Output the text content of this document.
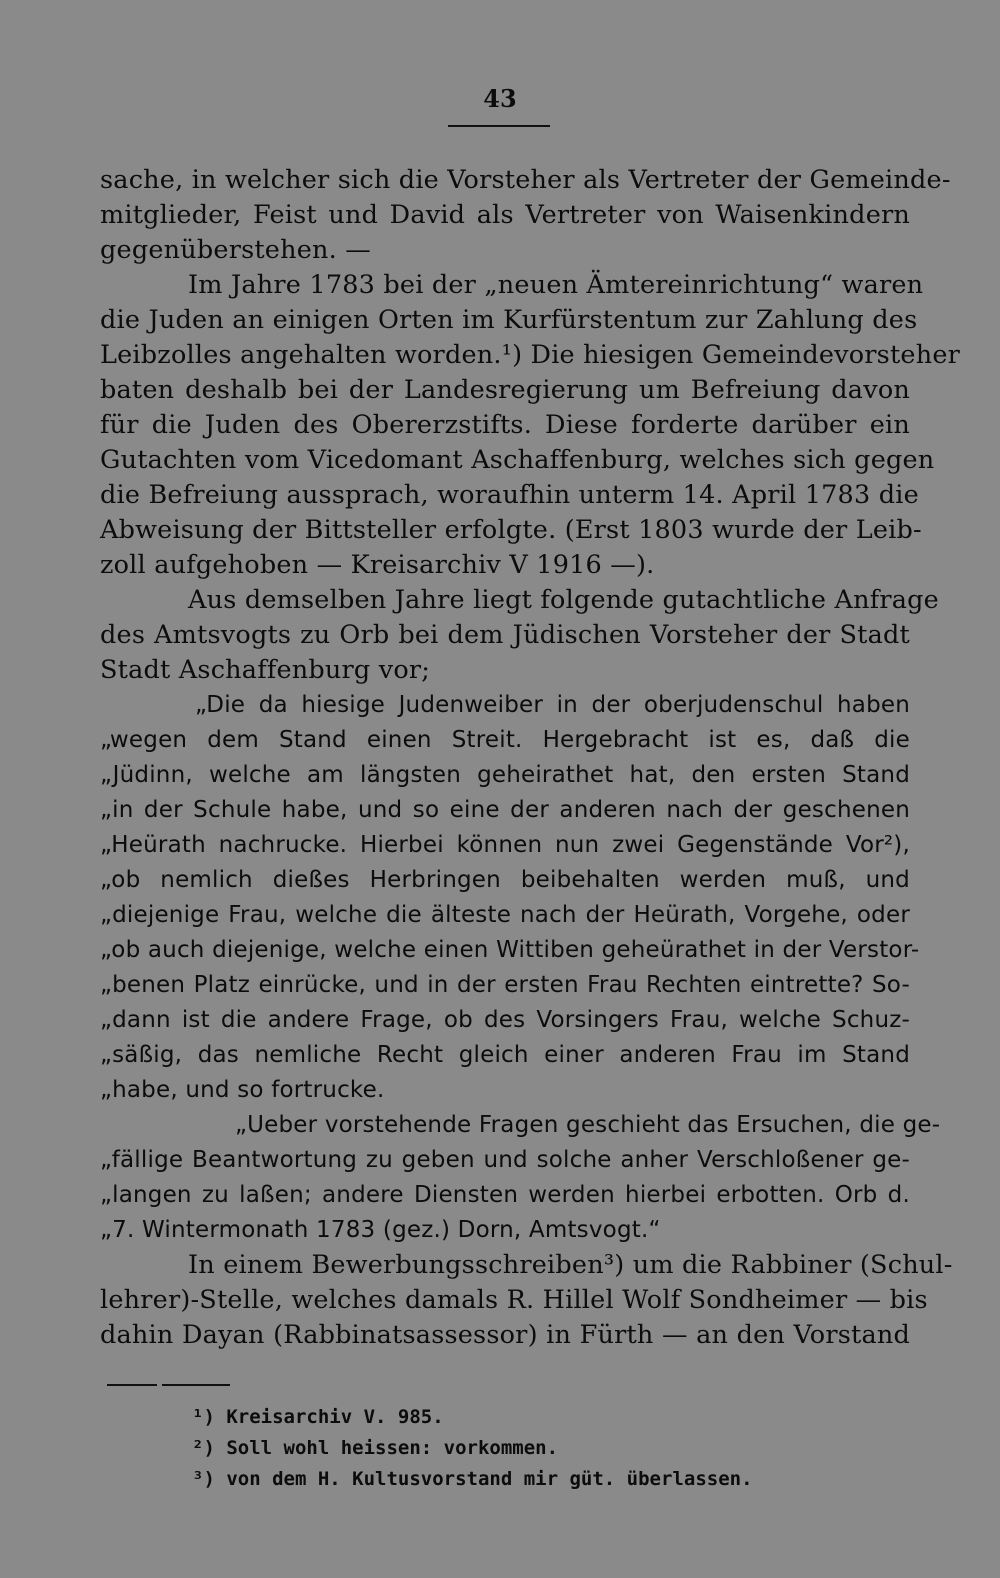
43
sache, in welcher sich die Vorsteher als Vertreter der Gemeinde-
mitglieder, Feist und David als Vertreter von Waisenkindern
gegenüberstehen. —
Im Jahre 1783 bei der „neuen Ämtereinrichtung“ waren
die Juden an einigen Orten im Kurfürstentum zur Zahlung des
Leibzolles angehalten worden.¹) Die hiesigen Gemeindevorsteher
baten deshalb bei der Landesregierung um Befreiung davon
für die Juden des Obererzstifts. Diese forderte darüber ein
Gutachten vom Vicedomant Aschaffenburg, welches sich gegen
die Befreiung aussprach, woraufhin unterm 14. April 1783 die
Abweisung der Bittsteller erfolgte. (Erst 1803 wurde der Leib-
zoll aufgehoben — Kreisarchiv V 1916 —).
Aus demselben Jahre liegt folgende gutachtliche Anfrage
des Amtsvogts zu Orb bei dem Jüdischen Vorsteher der Stadt
Stadt Aschaffenburg vor;
„Die da hiesige Judenweiber in der oberjudenschul haben
„wegen dem Stand einen Streit. Hergebracht ist es, daß die
„Jüdinn, welche am längsten geheirathet hat, den ersten Stand
„in der Schule habe, und so eine der anderen nach der geschenen
„Heürath nachrucke. Hierbei können nun zwei Gegenstände Vor²),
„ob nemlich dießes Herbringen beibehalten werden muß, und
„diejenige Frau, welche die älteste nach der Heürath, Vorgehe, oder
„ob auch diejenige, welche einen Wittiben geheürathet in der Verstor-
„benen Platz einrücke, und in der ersten Frau Rechten eintrette? So-
„dann ist die andere Frage, ob des Vorsingers Frau, welche Schuz-
„säßig, das nemliche Recht gleich einer anderen Frau im Stand
„habe, und so fortrucke.
„Ueber vorstehende Fragen geschieht das Ersuchen, die ge-
„fällige Beantwortung zu geben und solche anher Verschloßener ge-
„langen zu laßen; andere Diensten werden hierbei erbotten. Orb d.
„7. Wintermonath 1783 (gez.) Dorn, Amtsvogt.“
In einem Bewerbungsschreiben³) um die Rabbiner (Schul-
lehrer)-Stelle, welches damals R. Hillel Wolf Sondheimer — bis
dahin Dayan (Rabbinatsassessor) in Fürth — an den Vorstand
¹) Kreisarchiv V. 985.
²) Soll wohl heissen: vorkommen.
³) von dem H. Kultusvorstand mir güt. überlassen.
